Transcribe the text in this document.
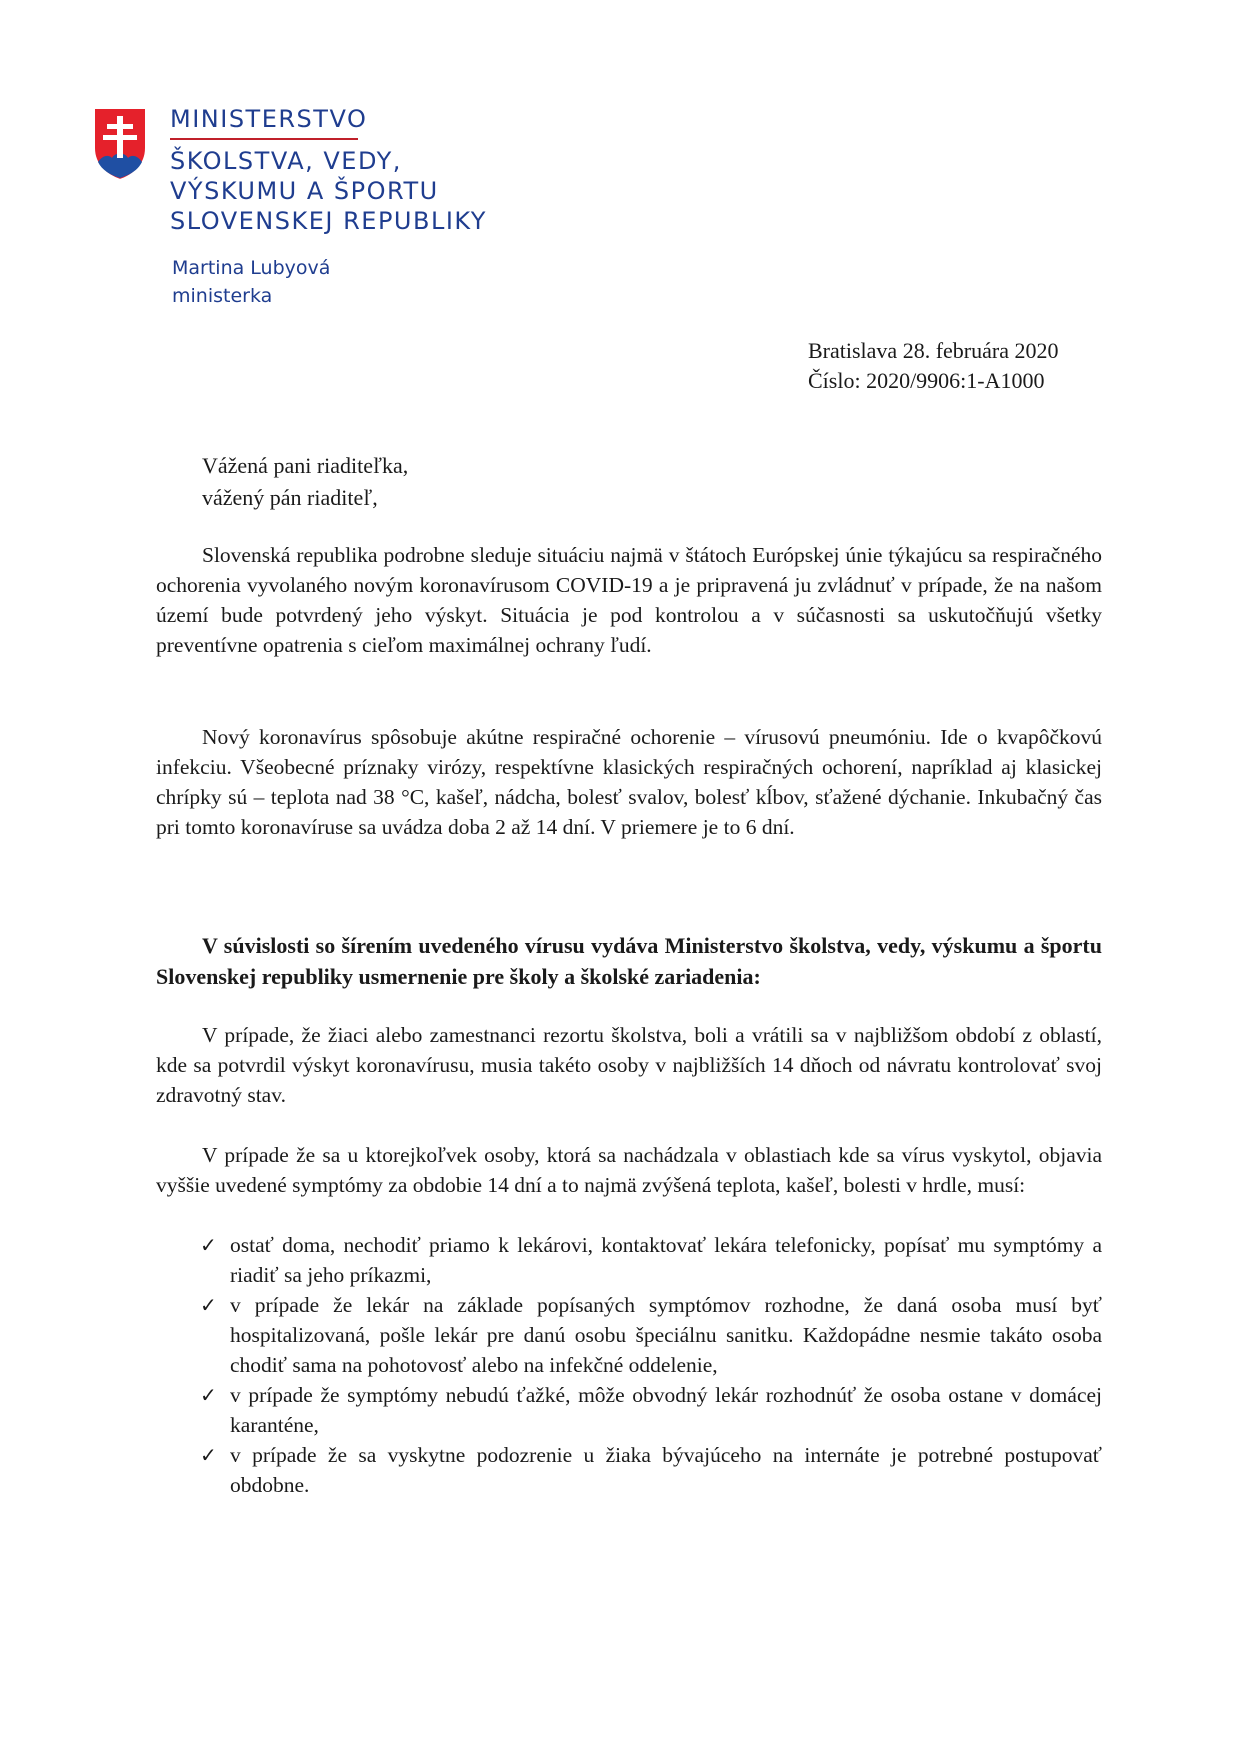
MINISTERSTVO
ŠKOLSTVA, VEDY,
VÝSKUMU A ŠPORTU
SLOVENSKEJ REPUBLIKY
Martina Lubyová
ministerka
Bratislava 28. februára 2020
Číslo: 2020/9906:1-A1000
Vážená pani riaditeľka,
vážený pán riaditeľ,

Slovenská republika podrobne sleduje situáciu najmä v štátoch Európskej únie týkajúcu sa respiračného ochorenia vyvolaného novým koronavírusom COVID-19 a je pripravená ju zvládnuť v prípade, že na našom území bude potvrdený jeho výskyt. Situácia je pod kontrolou a v súčasnosti sa uskutočňujú všetky preventívne opatrenia s cieľom maximálnej ochrany ľudí.

Nový koronavírus spôsobuje akútne respiračné ochorenie – vírusovú pneumóniu. Ide o kvapôčkovú infekciu. Všeobecné príznaky virózy, respektívne klasických respiračných ochorení, napríklad aj klasickej chrípky sú – teplota nad 38 °C, kašeľ, nádcha, bolesť svalov, bolesť kĺbov, sťažené dýchanie. Inkubačný čas pri tomto koronavíruse sa uvádza doba 2 až 14 dní. V priemere je to 6 dní.

V súvislosti so šírením uvedeného vírusu vydáva Ministerstvo školstva, vedy, výskumu a športu Slovenskej republiky usmernenie pre školy a školské zariadenia:

V prípade, že žiaci alebo zamestnanci rezortu školstva, boli a vrátili sa v najbližšom období z oblastí, kde sa potvrdil výskyt koronavírusu, musia takéto osoby v najbližších 14 dňoch od návratu kontrolovať svoj zdravotný stav.

V prípade že sa u ktorejkoľvek osoby, ktorá sa nachádzala v oblastiach kde sa vírus vyskytol, objavia vyššie uvedené symptómy za obdobie 14 dní a to najmä zvýšená teplota, kašeľ, bolesti v hrdle, musí:

✓ ostať doma, nechodiť priamo k lekárovi, kontaktovať lekára telefonicky, popísať mu symptómy a riadiť sa jeho príkazmi,
✓ v prípade že lekár na základe popísaných symptómov rozhodne, že daná osoba musí byť hospitalizovaná, pošle lekár pre danú osobu špeciálnu sanitku. Každopádne nesmie takáto osoba chodiť sama na pohotovosť alebo na infekčné oddelenie,
✓ v prípade že symptómy nebudú ťažké, môže obvodný lekár rozhodnúť že osoba ostane v domácej karanténe,
✓ v prípade že sa vyskytne podozrenie u žiaka bývajúceho na internáte je potrebné postupovať obdobne.
